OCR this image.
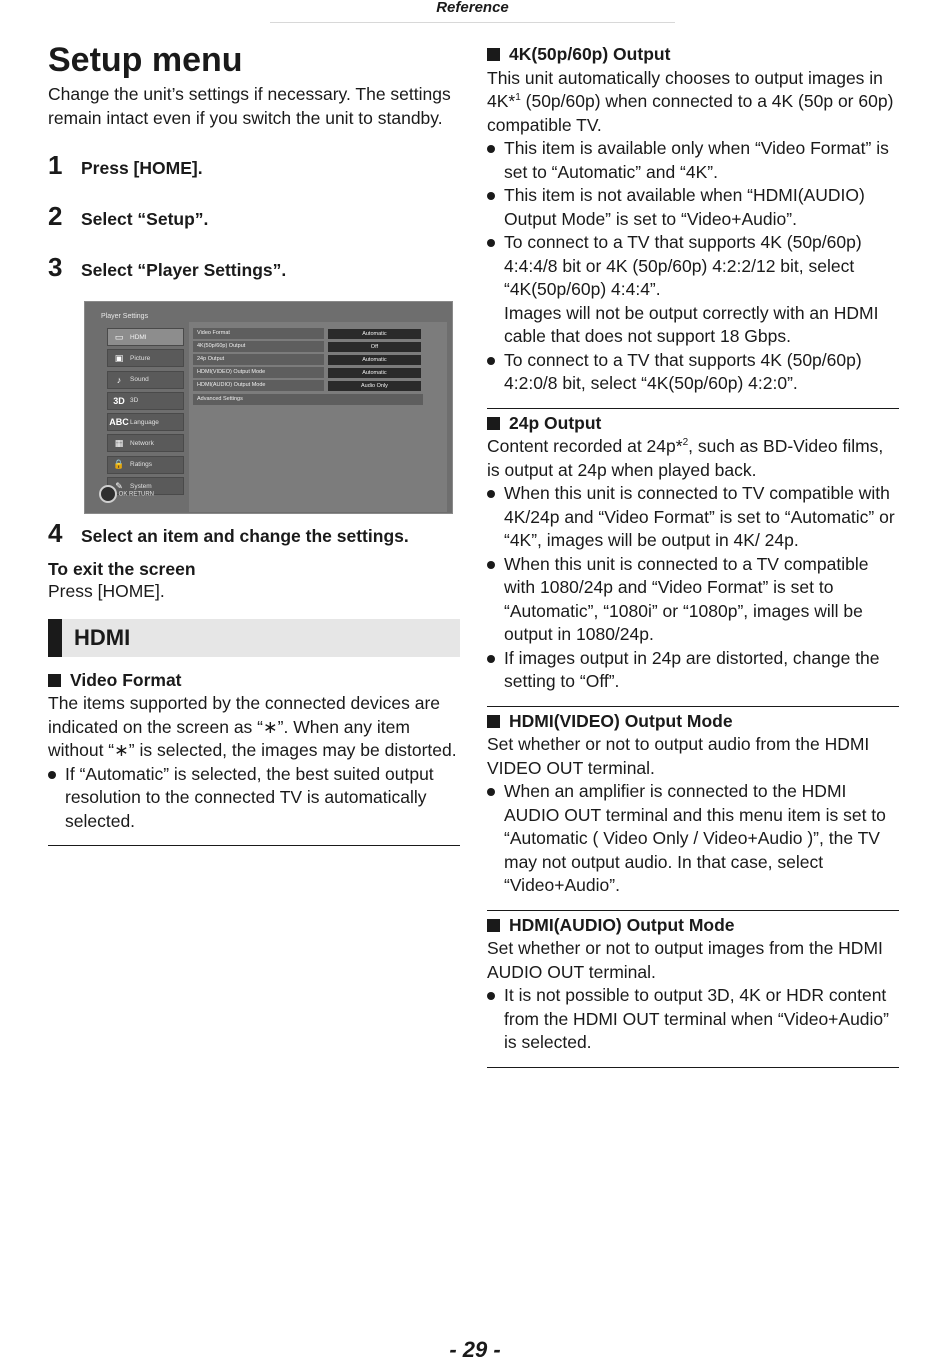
Reference
Setup menu

Change the unit’s settings if necessary. The settings remain intact even if you switch the unit to standby.

1	Press [HOME].
2	Select “Setup”.
3	Select “Player Settings”.
Player Settings
▭	HDMI
▣	Picture
♪	Sound
3D 3D
ABC Language
▦	Network
🔒 Ratings
✎	System
Video Format	Automatic
4K(50p/60p) Output	Off
24p Output	Automatic
HDMI(VIDEO) Output Mode	Automatic
HDMI(AUDIO) Output Mode	Audio Only
Advanced Settings
OK RETURN
4	Select an item and change the settings.
To exit the screen
Press [HOME].
HDMI
Video Format
The items supported by the connected devices are indicated on the screen as “∗”. When any item without “∗” is selected, the images may be distorted.
If “Automatic” is selected, the best suited output resolution to the connected TV is automatically selected.
4K(50p/60p) Output
This unit automatically chooses to output images in 4K*$^1$ (50p/60p) when connected to a 4K (50p or 60p) compatible TV.
This item is available only when “Video Format” is set to “Automatic” and “4K”.
This item is not available when “HDMI(AUDIO) Output Mode” is set to “Video+Audio”.
To connect to a TV that supports 4K (50p/60p) 4:4:4/8 bit or 4K (50p/60p) 4:2:2/12 bit, select “4K(50p/60p) 4:4:4”.
Images will not be output correctly with an HDMI cable that does not support 18 Gbps.
To connect to a TV that supports 4K (50p/60p) 4:2:0/8 bit, select “4K(50p/60p) 4:2:0”.
24p Output
Content recorded at 24p*$^2$, such as BD-Video films, is output at 24p when played back.
When this unit is connected to TV compatible with 4K/24p and “Video Format” is set to “Automatic” or “4K”, images will be output in 4K/ 24p.
When this unit is connected to a TV compatible with 1080/24p and “Video Format” is set to “Automatic”, “1080i” or “1080p”, images will be output in 1080/24p.
If images output in 24p are distorted, change the setting to “Off”.
HDMI(VIDEO) Output Mode
Set whether or not to output audio from the HDMI VIDEO OUT terminal.
When an amplifier is connected to the HDMI AUDIO OUT terminal and this menu item is set to “Automatic ( Video Only / Video+Audio )”, the TV may not output audio. In that case, select “Video+Audio”.
HDMI(AUDIO) Output Mode
Set whether or not to output images from the HDMI AUDIO OUT terminal.
It is not possible to output 3D, 4K or HDR content from the HDMI OUT terminal when “Video+Audio” is selected.
- 29 -
